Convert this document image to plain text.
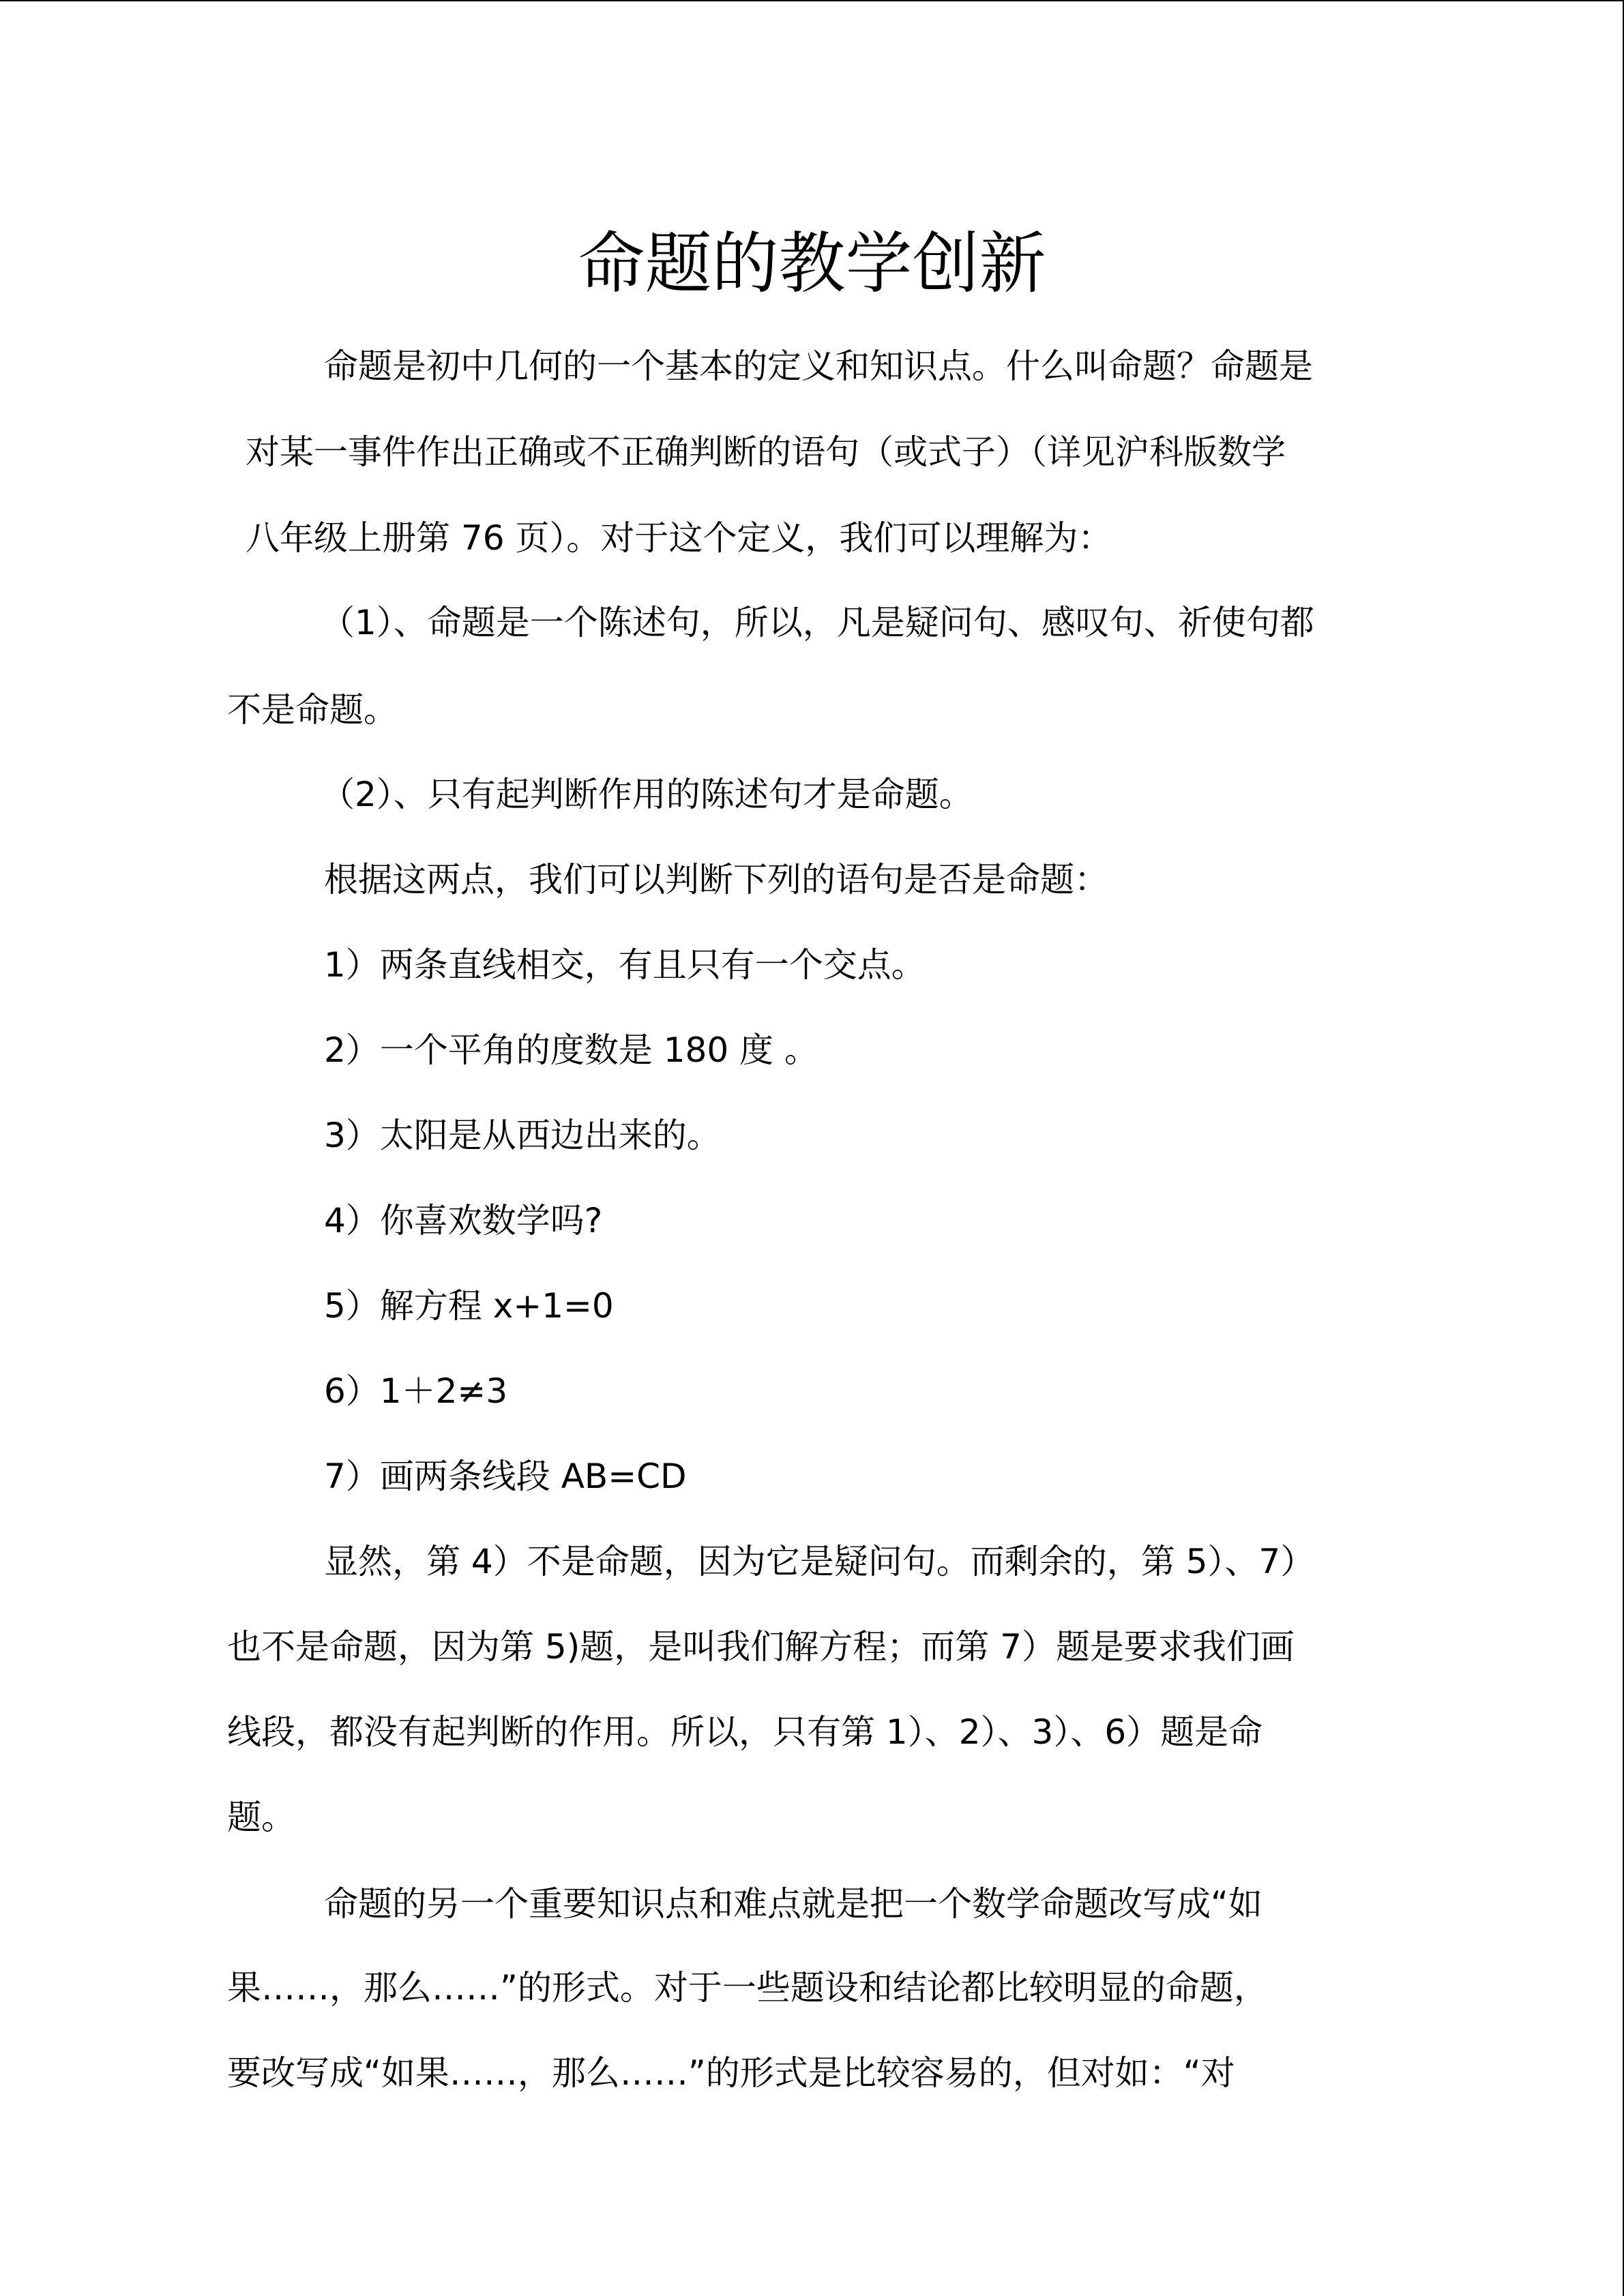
命题的教学创新
命题是初中几何的一个基本的定义和知识点。什么叫命题？命题是
对某一事件作出正确或不正确判断的语句（或式子）（详见沪科版数学
八年级上册第 76 页）。对于这个定义，我们可以理解为：
（1）、命题是一个陈述句，所以，凡是疑问句、感叹句、祈使句都
不是命题。
（2）、只有起判断作用的陈述句才是命题。
根据这两点，我们可以判断下列的语句是否是命题：
1）两条直线相交，有且只有一个交点。
2）一个平角的度数是 180 度 。
3）太阳是从西边出来的。
4）你喜欢数学吗?
5）解方程 x+1=0
6）1＋2≠3
7）画两条线段 AB=CD
显然，第 4）不是命题，因为它是疑问句。而剩余的，第 5）、7）
也不是命题，因为第 5)题，是叫我们解方程；而第 7）题是要求我们画
线段，都没有起判断的作用。所以，只有第 1）、2）、3）、6）题是命
题。
命题的另一个重要知识点和难点就是把一个数学命题改写成“如
果……，那么……”的形式。对于一些题设和结论都比较明显的命题，
要改写成“如果……，那么……”的形式是比较容易的，但对如：“对
